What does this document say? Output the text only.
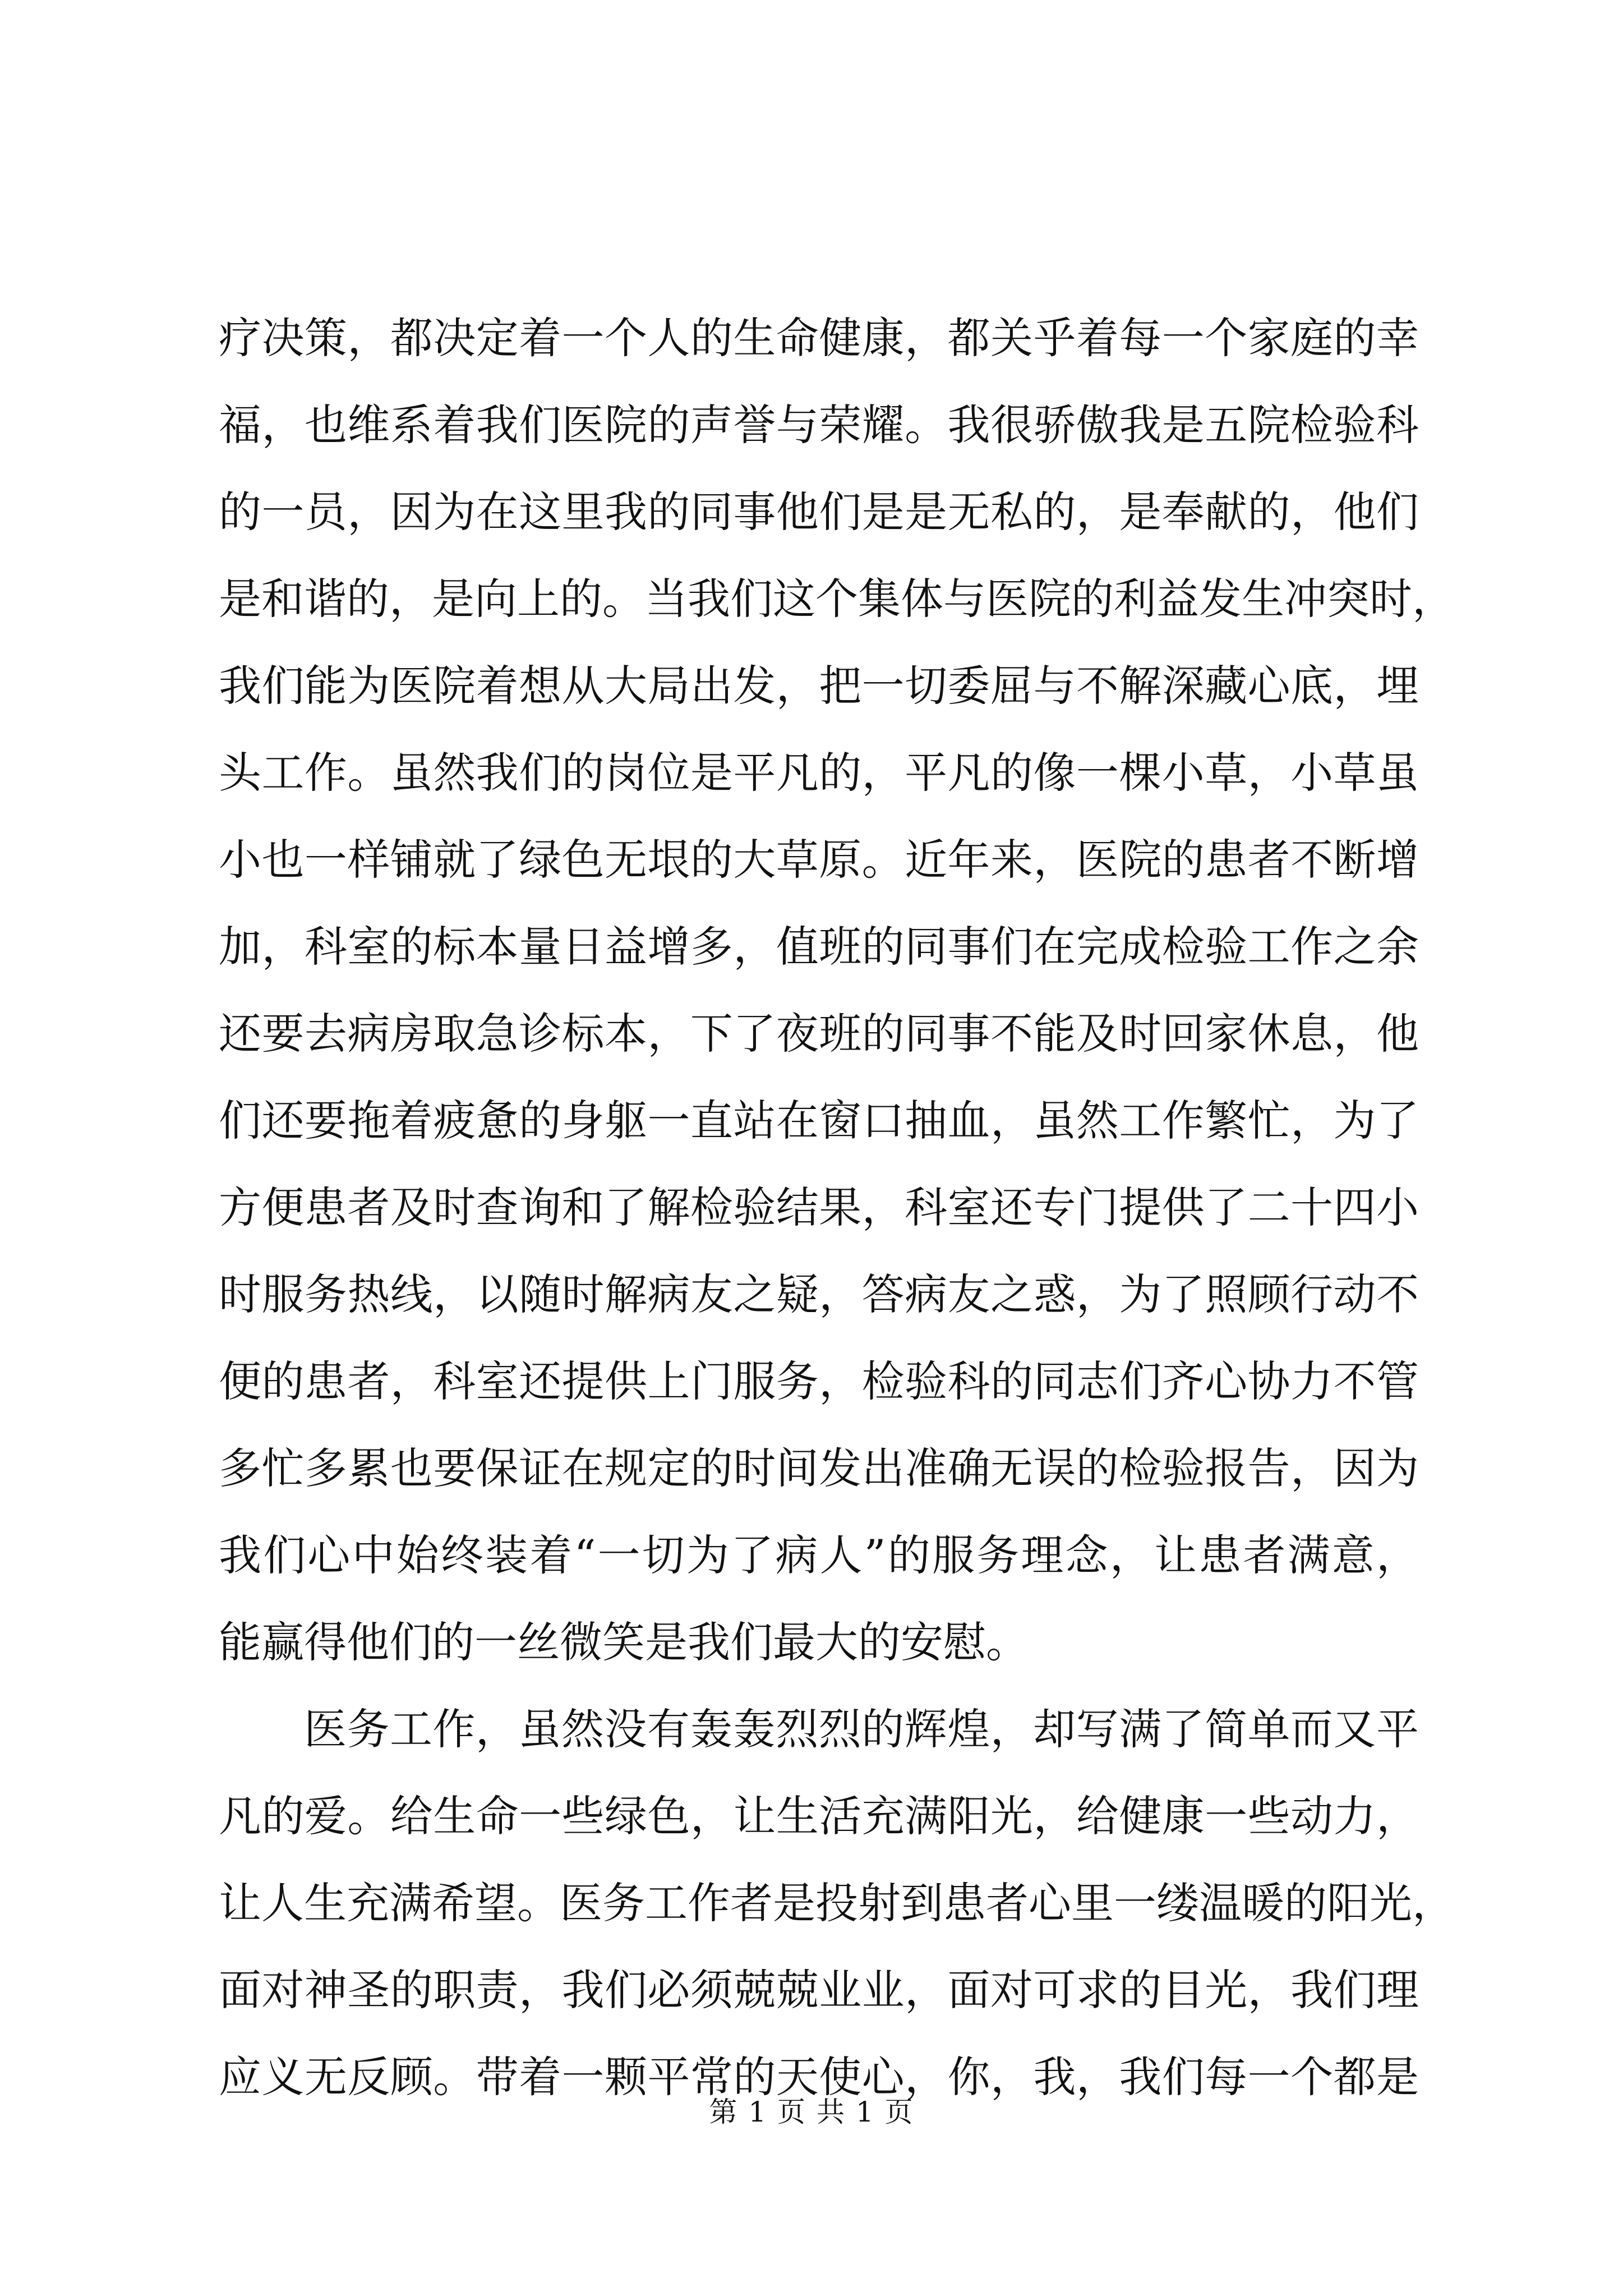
疗决策，都决定着一个人的生命健康，都关乎着每一个家庭的幸
福，也维系着我们医院的声誉与荣耀。我很骄傲我是五院检验科
的一员，因为在这里我的同事他们是是无私的，是奉献的，他们
是和谐的，是向上的。当我们这个集体与医院的利益发生冲突时，
我们能为医院着想从大局出发，把一切委屈与不解深藏心底，埋
头工作。虽然我们的岗位是平凡的，平凡的像一棵小草，小草虽
小也一样铺就了绿色无垠的大草原。近年来，医院的患者不断增
加，科室的标本量日益增多，值班的同事们在完成检验工作之余
还要去病房取急诊标本，下了夜班的同事不能及时回家休息，他
们还要拖着疲惫的身躯一直站在窗口抽血，虽然工作繁忙，为了
方便患者及时查询和了解检验结果，科室还专门提供了二十四小
时服务热线，以随时解病友之疑，答病友之惑，为了照顾行动不
便的患者，科室还提供上门服务，检验科的同志们齐心协力不管
多忙多累也要保证在规定的时间发出准确无误的检验报告，因为
我们心中始终装着“一切为了病人”的服务理念，让患者满意，
能赢得他们的一丝微笑是我们最大的安慰。
医务工作，虽然没有轰轰烈烈的辉煌，却写满了简单而又平
凡的爱。给生命一些绿色，让生活充满阳光，给健康一些动力，
让人生充满希望。医务工作者是投射到患者心里一缕温暖的阳光，
面对神圣的职责，我们必须兢兢业业，面对可求的目光，我们理
应义无反顾。带着一颗平常的天使心，你，我，我们每一个都是
第 1 页 共 1 页
